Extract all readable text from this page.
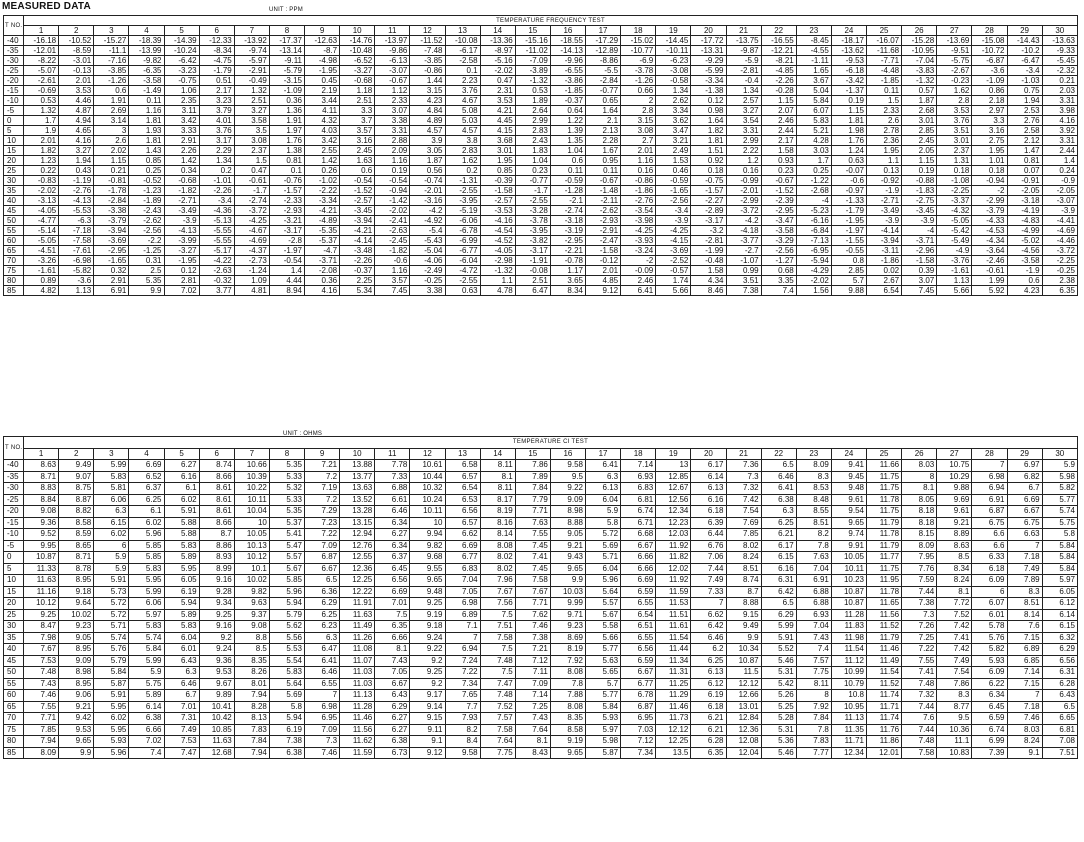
MEASURED DATA	UNIT : PPM
UNIT : OHMS
T NO.	TEMPERATURE FREQUENCY TEST																													
	1	2	3	4	5	6	7	8	9	10	11	12	13	14	15	16	17	18	19	20	21	22	23	24	25	26	27	28	29	30
-40	-16.18	-10.52	-15.27	-18.39	-14.39	-12.33	-13.92	-17.37	-12.63	-14.76	-13.97	-11.52	-10.08	-13.36	-15.16	-18.55	-17.29	-15.02	-14.45	-17.72	-13.75	-16.55	-8.45	-18.17	-16.07	-15.28	-13.69	-15.08	-14.43	-13.63
-35	-12.01	-8.59	-11.1	-13.99	-10.24	-8.34	-9.74	-13.14	-8.7	-10.48	-9.86	-7.48	-6.17	-8.97	-11.02	-14.13	-12.89	-10.77	-10.11	-13.31	-9.87	-12.21	-4.55	-13.62	-11.68	-10.95	-9.51	-10.72	-10.2	-9.33
-30	-8.22	-3.01	-7.16	-9.82	-6.42	-4.75	-5.97	-9.11	-4.98	-6.52	-6.13	-3.85	-2.58	-5.16	-7.09	-9.96	-8.86	-6.9	-6.23	-9.29	-5.9	-8.21	-1.11	-9.53	-7.71	-7.04	-5.75	-6.87	-6.47	-5.45
-25	-5.07	-0.13	-3.85	-6.35	-3.23	-1.79	-2.91	-5.79	-1.95	-3.27	-3.07	-0.86	0.1	-2.02	-3.89	-6.55	-5.5	-3.78	-3.08	-5.99	-2.81	-4.85	1.65	-6.18	-4.48	-3.83	-2.67	-3.6	-3.4	-2.32
-20	-2.61	2.01	-1.26	-3.58	-0.75	0.51	-0.49	-3.15	0.45	-0.68	-0.67	1.44	2.23	0.47	-1.32	-3.86	-2.84	-1.26	-0.58	-3.34	-0.4	-2.26	3.67	-3.42	-1.85	-1.32	-0.23	-1.09	-1.03	0.21
-15	-0.69	3.53	0.6	-1.49	1.06	2.17	1.32	-1.09	2.19	1.18	1.12	3.15	3.76	2.31	0.53	-1.85	-0.77	0.66	1.34	-1.38	1.34	-0.28	5.04	-1.37	0.11	0.57	1.62	0.86	0.75	2.03
-10	0.53	4.46	1.91	0.11	2.35	3.23	2.51	0.36	3.44	2.51	2.33	4.23	4.67	3.53	1.89	-0.37	0.65	2	2.62	0.12	2.57	1.15	5.84	0.19	1.5	1.87	2.8	2.18	1.94	3.31
-5	1.32	4.87	2.69	1.16	3.11	3.79	3.27	1.36	4.11	3.3	3.07	4.84	5.08	4.21	2.64	0.64	1.64	2.8	3.34	0.98	3.27	2.07	6.07	1.15	2.33	2.68	3.53	2.97	2.53	3.98
0	1.7	4.94	3.14	1.81	3.42	4.01	3.58	1.91	4.32	3.7	3.38	4.89	5.03	4.45	2.99	1.22	2.1	3.15	3.62	1.64	3.54	2.46	5.83	1.81	2.6	3.01	3.76	3.3	2.76	4.16
5	1.9	4.65	3	1.93	3.33	3.76	3.5	1.97	4.03	3.57	3.31	4.57	4.57	4.15	2.83	1.39	2.13	3.08	3.47	1.82	3.31	2.44	5.21	1.98	2.78	2.85	3.51	3.16	2.58	3.92
10	2.01	4.16	2.6	1.81	2.91	3.17	3.08	1.76	3.42	3.16	2.88	3.9	3.8	3.68	2.43	1.35	2.28	2.7	3.21	1.81	2.99	2.17	4.28	1.76	2.36	2.45	3.01	2.75	2.12	3.31
15	1.82	3.27	2.02	1.43	2.26	2.29	2.37	1.38	2.55	2.45	2.09	3.05	2.83	3.01	1.83	1.04	1.67	2.01	2.49	1.51	2.22	1.58	3.03	1.24	1.95	2.05	2.37	1.95	1.47	2.44
20	1.23	1.94	1.15	0.85	1.42	1.34	1.5	0.81	1.42	1.63	1.16	1.87	1.62	1.95	1.04	0.6	0.95	1.16	1.53	0.92	1.2	0.93	1.7	0.63	1.1	1.15	1.31	1.01	0.81	1.4
25	0.22	0.43	0.21	0.25	0.34	0.2	0.47	0.1	0.26	0.6	0.19	0.56	0.2	0.85	0.23	0.11	0.11	0.16	0.46	0.18	0.16	0.23	0.25	-0.07	0.13	0.19	0.18	0.18	0.07	0.24
30	-0.83	-1.19	-0.81	-0.52	-0.68	-1.01	-0.61	-0.76	-1.02	-0.54	-0.54	-0.74	-1.31	-0.39	-0.77	-0.59	-0.67	-0.86	-0.59	-0.75	-0.99	-0.67	-1.22	-0.6	-0.92	-0.88	-1.08	-0.94	-0.91	-0.9
35	-2.02	-2.76	-1.78	-1.23	-1.82	-2.26	-1.7	-1.57	-2.22	-1.52	-0.94	-2.01	-2.55	-1.58	-1.7	-1.28	-1.48	-1.86	-1.65	-1.57	-2.01	-1.52	-2.68	-0.97	-1.9	-1.83	-2.25	-2	-2.05	-2.05
40	-3.13	-4.13	-2.84	-1.89	-2.71	-3.4	-2.74	-2.33	-3.34	-2.57	-1.42	-3.16	-3.95	-2.57	-2.55	-2.1	-2.11	-2.76	-2.56	-2.27	-2.99	-2.39	-4	-1.33	-2.71	-2.75	-3.37	-2.99	-3.18	-3.07
45	-4.05	-5.53	-3.38	-2.43	-3.49	-4.36	-3.72	-2.93	-4.21	-3.45	-2.02	-4.2	-5.19	-3.53	-3.28	-2.74	-2.62	-3.54	-3.4	-2.89	-3.72	-2.95	-5.23	-1.79	-3.49	-3.45	-4.32	-3.79	-4.19	-3.9
50	-4.77	-6.3	-3.79	-2.62	-3.9	-5.13	-4.25	-3.21	-4.89	-3.94	-2.41	-4.92	-6.06	-4.16	-3.78	-3.18	-2.93	-3.98	-3.9	-3.17	-4.2	-3.47	-6.16	-1.95	-3.9	-3.9	-5.05	-4.33	-4.83	-4.41
55	-5.14	-7.18	-3.94	-2.56	-4.13	-5.55	-4.67	-3.17	-5.35	-4.21	-2.63	-5.4	-6.78	-4.54	-3.95	-3.19	-2.91	-4.25	-4.25	-3.2	-4.18	-3.58	-6.84	-1.97	-4.14	-4	-5.42	-4.53	-4.99	-4.69
60	-5.05	-7.58	-3.69	-2.2	-3.99	-5.55	-4.69	-2.8	-5.37	-4.14	-2.45	-5.43	-6.99	-4.52	-3.82	-2.95	-2.47	-3.93	-4.15	-2.81	-3.77	-3.29	-7.13	-1.55	-3.94	-3.71	-5.49	-4.34	-5.02	-4.46
65	-4.51	-7.61	-2.95	-1.25	-3.27	-5.17	-4.37	-1.97	-4.7	-3.48	-1.82	-5.04	-6.77	-4.05	-3.17	-2.21	-1.58	-3.24	-3.69	-1.99	-2.7	-2.56	-6.95	-0.55	-3.11	-2.96	-4.9	-3.64	-4.56	-3.72
70	-3.26	-6.98	-1.65	0.31	-1.95	-4.22	-2.73	-0.54	-3.71	-2.26	-0.6	-4.06	-6.04	-2.98	-1.91	-0.78	-0.12	-2	-2.52	-0.48	-1.07	-1.27	-5.94	0.8	-1.86	-1.58	-3.76	-2.46	-3.58	-2.25
75	-1.61	-5.82	0.32	2.5	0.12	-2.63	-1.24	1.4	-2.08	-0.37	1.16	-2.49	-4.72	-1.32	-0.08	1.17	2.01	-0.09	-0.57	1.58	0.99	0.68	-4.29	2.85	0.02	0.39	-1.61	-0.61	-1.9	-0.25
80	0.89	-3.6	2.91	5.35	2.81	-0.32	1.09	4.44	0.36	2.25	3.57	-0.25	-2.55	1.1	2.51	3.65	4.85	2.46	1.74	4.34	3.51	3.35	-2.02	5.7	2.67	3.07	1.13	1.99	0.6	2.38
85	4.82	1.13	6.91	9.9	7.02	3.77	4.81	8.94	4.16	5.34	7.45	3.38	0.63	4.78	6.47	8.34	9.12	6.41	5.66	8.46	7.38	7.4	1.56	9.88	6.54	7.45	5.66	5.92	4.23	6.35
T NO.	TEMPERATURE CI TEST																													
	1	2	3	4	5	6	7	8	9	10	11	12	13	14	15	16	17	18	19	20	21	22	23	24	25	26	27	28	29	30
-40	8.63	9.49	5.99	6.69	6.27	8.74	10.66	5.35	7.21	13.88	7.78	10.61	6.58	8.11	7.86	9.58	6.41	7.14	13	6.17	7.36	6.5	8.09	9.41	11.66	8.03	10.75	7	6.97	5.9
-35	8.71	9.07	5.83	6.52	6.16	8.66	10.39	5.33	7.2	13.77	7.33	10.44	6.57	8.1	7.89	9.5	6.3	6.93	12.85	6.14	7.3	6.46	8.3	9.45	11.75	8	10.29	6.98	6.82	5.98
-30	8.83	8.75	5.81	6.37	6.1	8.61	10.22	5.32	7.19	13.63	6.88	10.32	6.54	8.11	7.84	9.22	6.13	6.83	12.67	6.13	7.32	6.41	8.53	9.48	11.75	8.1	9.88	6.94	6.7	5.82
-25	8.84	8.87	6.06	6.25	6.02	8.61	10.11	5.33	7.2	13.52	6.61	10.24	6.53	8.17	7.79	9.09	6.04	6.81	12.56	6.16	7.42	6.38	8.48	9.61	11.78	8.05	9.69	6.91	6.69	5.77
-20	9.08	8.82	6.3	6.1	5.91	8.61	10.04	5.35	7.29	13.28	6.46	10.11	6.56	8.19	7.71	8.98	5.9	6.74	12.34	6.18	7.54	6.3	8.55	9.54	11.75	8.18	9.61	6.87	6.67	5.74
-15	9.36	8.58	6.15	6.02	5.88	8.66	10	5.37	7.23	13.15	6.34	10	6.57	8.16	7.63	8.88	5.8	6.71	12.23	6.39	7.69	6.25	8.51	9.65	11.79	8.18	9.21	6.75	6.75	5.75
-10	9.52	8.59	6.02	5.96	5.88	8.7	10.05	5.41	7.22	12.94	6.27	9.94	6.62	8.14	7.55	9.05	5.72	6.68	12.03	6.44	7.85	6.21	8.2	9.74	11.78	8.15	8.89	6.6	6.63	5.8
-5	9.95	8.65	6	5.85	5.83	8.86	10.13	5.47	7.09	12.76	6.34	9.82	6.69	8.08	7.45	9.21	5.69	6.67	11.92	6.76	8.02	6.17	7.8	9.91	11.79	8.09	8.63	6.6	7	5.84
0	10.87	8.71	5.9	5.85	5.89	8.93	10.12	5.57	6.87	12.55	6.37	9.68	6.77	8.02	7.41	9.43	5.71	6.66	11.82	7.06	8.24	6.15	7.63	10.05	11.77	7.95	8.5	6.33	7.18	5.84
5	11.33	8.78	5.9	5.83	5.95	8.99	10.1	5.67	6.67	12.36	6.45	9.55	6.83	8.02	7.45	9.65	6.04	6.66	12.02	7.44	8.51	6.16	7.04	10.11	11.75	7.76	8.34	6.18	7.49	5.84
10	11.63	8.95	5.91	5.95	6.05	9.16	10.02	5.85	6.5	12.25	6.56	9.65	7.04	7.96	7.58	9.9	5.96	6.69	11.92	7.49	8.74	6.31	6.91	10.23	11.95	7.59	8.24	6.09	7.89	5.97
15	11.16	9.18	5.73	5.99	6.19	9.28	9.82	5.96	6.36	12.22	6.69	9.48	7.05	7.67	7.67	10.03	5.64	6.59	11.59	7.33	8.7	6.42	6.88	10.87	11.78	7.44	8.1	6	8.3	6.05
20	10.12	9.64	5.72	6.06	5.94	9.34	9.63	5.94	6.29	11.91	7.01	9.25	6.98	7.56	7.71	9.99	5.57	6.55	11.53	7	8.88	6.5	6.88	10.87	11.65	7.38	7.72	6.07	8.51	6.12
25	9.25	10.02	5.72	5.97	5.89	9.25	9.37	5.79	6.25	11.63	7.5	9.19	6.89	7.5	7.62	9.71	5.67	6.54	11.51	6.62	9.15	6.29	6.93	11.28	11.56	7.3	7.52	6.01	8.14	6.14
30	8.47	9.23	5.71	5.83	5.83	9.16	9.08	5.62	6.23	11.49	6.35	9.18	7.1	7.51	7.46	9.23	5.58	6.51	11.61	6.42	9.49	5.99	7.04	11.83	11.52	7.26	7.42	5.78	7.6	6.15
35	7.98	9.05	5.74	5.74	6.04	9.2	8.8	5.56	6.3	11.26	6.66	9.24	7	7.58	7.38	8.69	5.66	6.55	11.54	6.46	9.9	5.91	7.43	11.98	11.79	7.25	7.41	5.76	7.15	6.32
40	7.67	8.95	5.76	5.84	6.01	9.24	8.5	5.53	6.47	11.08	8.1	9.22	6.94	7.5	7.21	8.19	5.77	6.56	11.44	6.2	10.34	5.52	7.4	11.54	11.46	7.22	7.42	5.82	6.89	6.29
45	7.53	9.09	5.79	5.99	6.43	9.36	8.35	5.54	6.41	11.07	7.43	9.2	7.24	7.48	7.12	7.92	5.63	6.59	11.34	6.25	10.87	5.46	7.57	11.12	11.49	7.55	7.49	5.93	6.85	6.56
50	7.48	8.98	5.84	5.9	6.3	9.53	8.26	5.83	6.46	11.03	7.05	9.25	7.22	7.5	7.11	8.08	5.65	6.67	11.31	6.13	11.5	5.31	7.75	10.99	11.54	7.41	7.54	6.09	7.14	6.31
55	7.43	8.95	5.87	5.75	6.46	9.67	8.01	5.64	6.55	11.03	6.67	9.2	7.34	7.47	7.09	7.8	5.7	6.77	11.25	6.12	12.12	5.42	8.11	10.79	11.52	7.48	7.86	6.22	7.15	6.28
60	7.46	9.06	5.91	5.89	6.7	9.89	7.94	5.69	7	11.13	6.43	9.17	7.65	7.48	7.14	7.88	5.77	6.78	11.29	6.19	12.66	5.26	8	10.8	11.74	7.32	8.3	6.34	7	6.43
65	7.55	9.21	5.95	6.14	7.01	10.41	8.28	5.8	6.98	11.28	6.29	9.14	7.7	7.52	7.25	8.08	5.84	6.87	11.46	6.18	13.01	5.25	7.92	10.95	11.71	7.44	8.77	6.45	7.18	6.5
70	7.71	9.42	6.02	6.38	7.31	10.42	8.13	5.94	6.95	11.46	6.27	9.15	7.93	7.57	7.43	8.35	5.93	6.95	11.73	6.21	12.84	5.28	7.84	11.13	11.74	7.6	9.5	6.59	7.46	6.65
75	7.85	9.53	5.95	6.66	7.49	10.85	7.83	6.19	7.09	11.56	6.27	9.11	8.2	7.58	7.64	8.58	5.97	7.03	12.12	6.21	12.36	5.31	7.8	11.35	11.76	7.44	10.36	6.74	8.03	6.81
80	7.94	9.65	5.93	7.02	7.53	11.63	7.84	7.38	7.3	11.62	6.38	9.1	8.4	7.64	8.1	9.19	5.98	7.12	12.25	6.28	12.08	5.36	7.83	11.71	11.86	7.48	11.1	6.99	8.24	7.08
85	8.09	9.9	5.96	7.4	7.47	12.68	7.94	6.38	7.46	11.59	6.73	9.12	9.58	7.75	8.43	9.65	5.87	7.34	13.5	6.35	12.04	5.46	7.77	12.34	12.01	7.58	10.83	7.39	9.1	7.51
